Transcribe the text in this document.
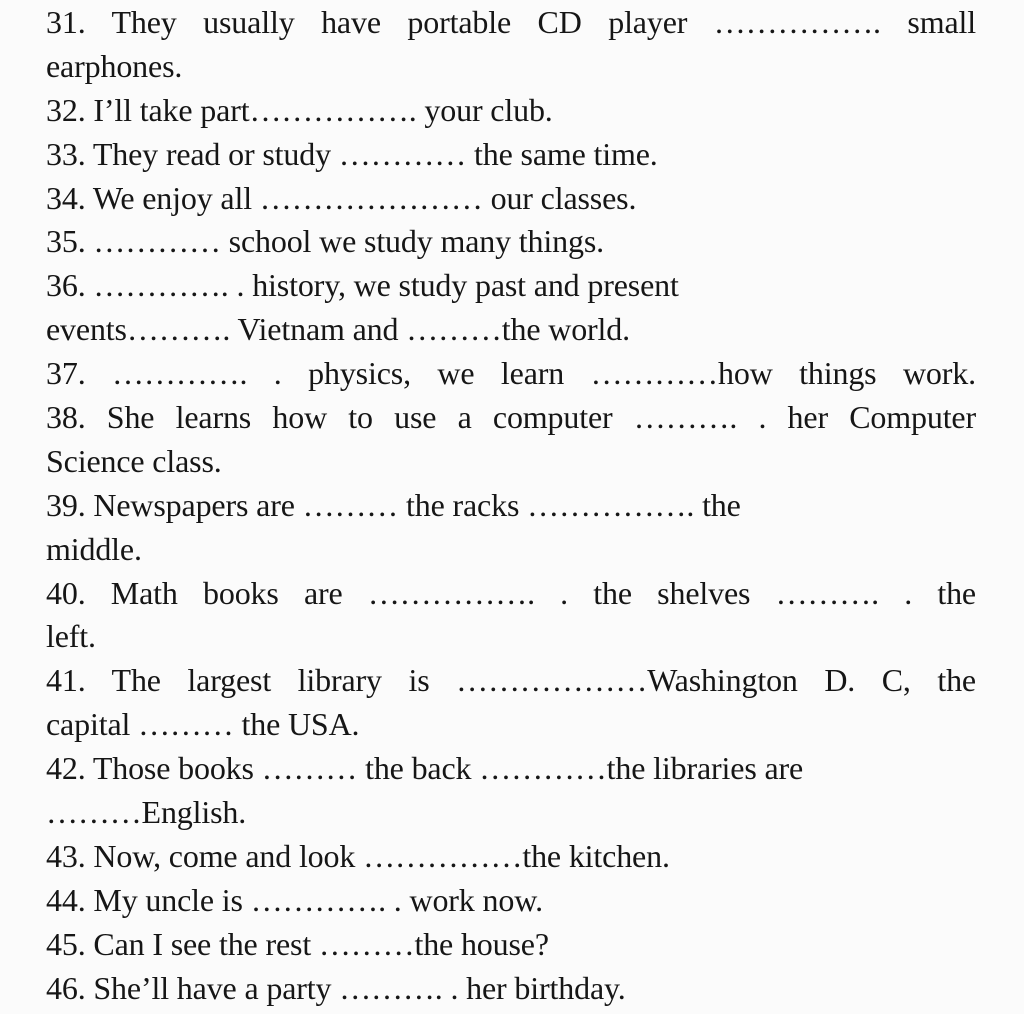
31. They usually have portable CD player ……………. small
earphones.
32. I’ll take part……………. your club.
33. They read or study ………… the same time.
34. We enjoy all ………………… our classes.
35. ………… school we study many things.
36. …………. . history, we study past and present
events………. Vietnam and ………the world.
37. …………. . physics, we learn …………how things work.
38. She learns how to use a computer ………. . her Computer
Science class.
39. Newspapers are ……… the racks ……………. the
middle.
40. Math books are ……………. . the shelves ………. . the
left.
41. The largest library is ………………Washington D. C, the
capital ……… the USA.
42. Those books ……… the back …………the libraries are
………English.
43. Now, come and look ……………the kitchen.
44. My uncle is …………. . work now.
45. Can I see the rest ………the house?
46. She’ll have a party ………. . her birthday.
